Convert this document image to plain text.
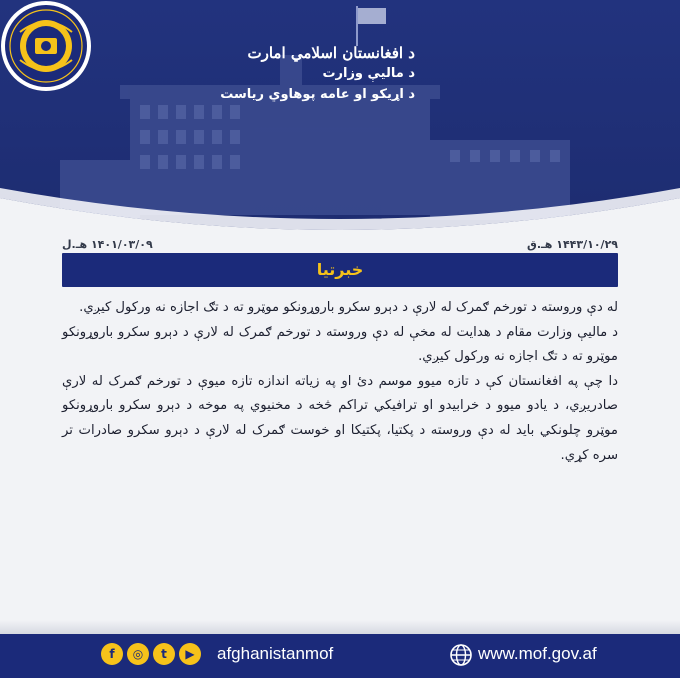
د افغانستان اسلامي امارت
د مالیې وزارت
د اړیکو او عامه پوهاوي ریاست
۱۴۰۱/۰۳/۰۹ هـ.ل	۱۴۴۳/۱۰/۲۹ هـ.ق
خبرتیا

له دې وروسته د تورخم ګمرک له لارې د دېرو سکرو باروړونکو موټرو ته د تګ اجازه نه ورکول کیږي.

د مالیې وزارت مقام د هدایت له مخې له دې وروسته د تورخم ګمرک له لارې د دېرو سکرو باروړونکو موټرو ته د تګ اجازه نه ورکول کیږي.

دا چې په افغانستان کې د تازه میوو موسم دئ او په زیاته اندازه تازه میوې د تورخم ګمرک له لارې صادریږي، د یادو میوو د خرابیدو او ترافیکي تراکم څخه د مخنیوي په موخه د دېرو سکرو باروړونکو موټرو چلونکي باید له دې وروسته د پکتیا، پکتیکا او خوست ګمرک له لارې د دېرو سکرو صادرات تر سره کړي.

f	◎	t	▶	afghanistanmof	www.mof.gov.af
